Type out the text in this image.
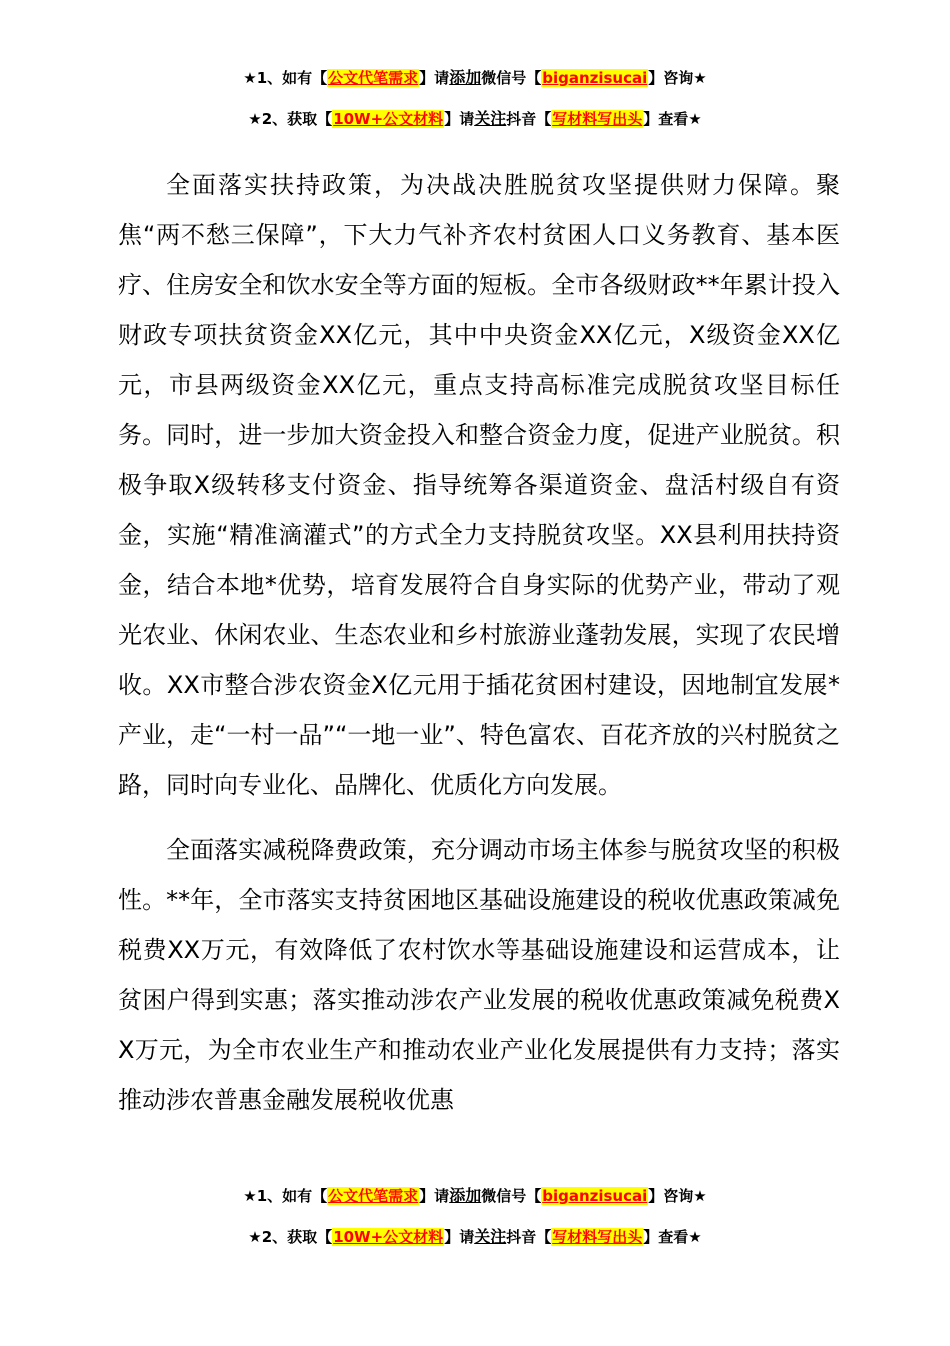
★1、如有【公文代笔需求】请添加微信号【biganzisucai】咨询★
★2、获取【10W+公文材料】请关注抖音【写材料写出头】查看★

全面落实扶持政策，为决战决胜脱贫攻坚提供财力保障。聚焦“两不愁三保障”，下大力气补齐农村贫困人口义务教育、基本医疗、住房安全和饮水安全等方面的短板。全市各级财政**年累计投入财政专项扶贫资金XX亿元，其中中央资金XX亿元，X级资金XX亿元，市县两级资金XX亿元，重点支持高标准完成脱贫攻坚目标任务。同时，进一步加大资金投入和整合资金力度，促进产业脱贫。积极争取X级转移支付资金、指导统筹各渠道资金、盘活村级自有资金，实施“精准滴灌式”的方式全力支持脱贫攻坚。XX县利用扶持资金，结合本地*优势，培育发展符合自身实际的优势产业，带动了观光农业、休闲农业、生态农业和乡村旅游业蓬勃发展，实现了农民增收。XX市整合涉农资金X亿元用于插花贫困村建设，因地制宜发展*产业，走“一村一品”“一地一业”、特色富农、百花齐放的兴村脱贫之路，同时向专业化、品牌化、优质化方向发展。

全面落实减税降费政策，充分调动市场主体参与脱贫攻坚的积极性。**年，全市落实支持贫困地区基础设施建设的税收优惠政策减免税费XX万元，有效降低了农村饮水等基础设施建设和运营成本，让贫困户得到实惠；落实推动涉农产业发展的税收优惠政策减免税费XX万元，为全市农业生产和推动农业产业化发展提供有力支持；落实推动涉农普惠金融发展税收优惠

★1、如有【公文代笔需求】请添加微信号【biganzisucai】咨询★
★2、获取【10W+公文材料】请关注抖音【写材料写出头】查看★
